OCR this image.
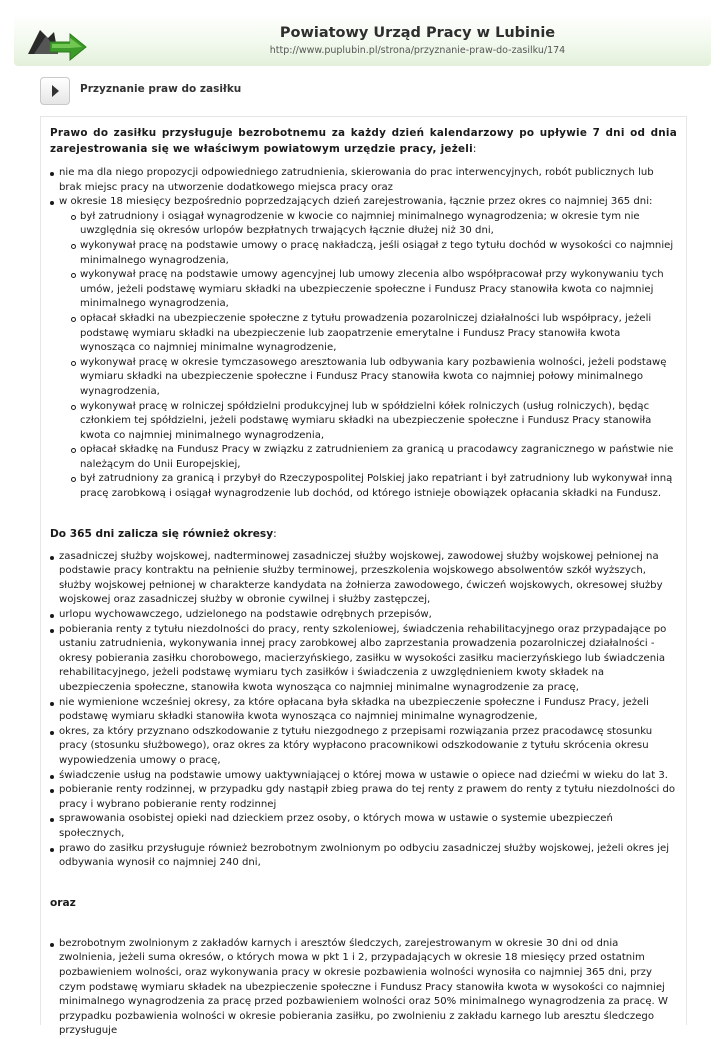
Powiatowy Urząd Pracy w Lubinie
http://www.puplubin.pl/strona/przyznanie-praw-do-zasilku/174
Przyznanie praw do zasiłku

Prawo do zasiłku przysługuje bezrobotnemu za każdy dzień kalendarzowy po upływie 7 dni od dnia zarejestrowania się we właściwym powiatowym urzędzie pracy, jeżeli:

nie ma dla niego propozycji odpowiedniego zatrudnienia, skierowania do prac interwencyjnych, robót publicznych lub brak miejsc pracy na utworzenie dodatkowego miejsca pracy oraz
w okresie 18 miesięcy bezpośrednio poprzedzających dzień zarejestrowania, łącznie przez okres co najmniej 365 dni:
był zatrudniony i osiągał wynagrodzenie w kwocie co najmniej minimalnego wynagrodzenia; w okresie tym nie uwzględnia się okresów urlopów bezpłatnych trwających łącznie dłużej niż 30 dni,
wykonywał pracę na podstawie umowy o pracę nakładczą, jeśli osiągał z tego tytułu dochód w wysokości co najmniej minimalnego wynagrodzenia,
wykonywał pracę na podstawie umowy agencyjnej lub umowy zlecenia albo współpracował przy wykonywaniu tych umów, jeżeli podstawę wymiaru składki na ubezpieczenie społeczne i Fundusz Pracy stanowiła kwota co najmniej minimalnego wynagrodzenia,
opłacał składki na ubezpieczenie społeczne z tytułu prowadzenia pozarolniczej działalności lub współpracy, jeżeli podstawę wymiaru składki na ubezpieczenie lub zaopatrzenie emerytalne i Fundusz Pracy stanowiła kwota wynosząca co najmniej minimalne wynagrodzenie,
wykonywał pracę w okresie tymczasowego aresztowania lub odbywania kary pozbawienia wolności, jeżeli podstawę wymiaru składki na ubezpieczenie społeczne i Fundusz Pracy stanowiła kwota co najmniej połowy minimalnego wynagrodzenia,
wykonywał pracę w rolniczej spółdzielni produkcyjnej lub w spółdzielni kółek rolniczych (usług rolniczych), będąc członkiem tej spółdzielni, jeżeli podstawę wymiaru składki na ubezpieczenie społeczne i Fundusz Pracy stanowiła kwota co najmniej minimalnego wynagrodzenia,
opłacał składkę na Fundusz Pracy w związku z zatrudnieniem za granicą u pracodawcy zagranicznego w państwie nie należącym do Unii Europejskiej,
był zatrudniony za granicą i przybył do Rzeczypospolitej Polskiej jako repatriant i był zatrudniony lub wykonywał inną pracę zarobkową i osiągał wynagrodzenie lub dochód, od którego istnieje obowiązek opłacania składki na Fundusz.
Do 365 dni zalicza się również okresy:
zasadniczej służby wojskowej, nadterminowej zasadniczej służby wojskowej, zawodowej służby wojskowej pełnionej na podstawie pracy kontraktu na pełnienie służby terminowej, przeszkolenia wojskowego absolwentów szkół wyższych, służby wojskowej pełnionej w charakterze kandydata na żołnierza zawodowego, ćwiczeń wojskowych, okresowej służby wojskowej oraz zasadniczej służby w obronie cywilnej i służby zastępczej,
urlopu wychowawczego, udzielonego na podstawie odrębnych przepisów,
pobierania renty z tytułu niezdolności do pracy, renty szkoleniowej, świadczenia rehabilitacyjnego oraz przypadające po ustaniu zatrudnienia, wykonywania innej pracy zarobkowej albo zaprzestania prowadzenia pozarolniczej działalności - okresy pobierania zasiłku chorobowego, macierzyńskiego, zasiłku w wysokości zasiłku macierzyńskiego lub świadczenia rehabilitacyjnego, jeżeli podstawę wymiaru tych zasiłków i świadczenia z uwzględnieniem kwoty składek na ubezpieczenia społeczne, stanowiła kwota wynosząca co najmniej minimalne wynagrodzenie za pracę,
nie wymienione wcześniej okresy, za które opłacana była składka na ubezpieczenie społeczne i Fundusz Pracy, jeżeli podstawę wymiaru składki stanowiła kwota wynosząca co najmniej minimalne wynagrodzenie,
okres, za który przyznano odszkodowanie z tytułu niezgodnego z przepisami rozwiązania przez pracodawcę stosunku pracy (stosunku służbowego), oraz okres za który wypłacono pracownikowi odszkodowanie z tytułu skrócenia okresu wypowiedzenia umowy o pracę,
świadczenie usług na podstawie umowy uaktywniającej o której mowa w ustawie o opiece nad dziećmi w wieku do lat 3.
pobieranie renty rodzinnej, w przypadku gdy nastąpił zbieg prawa do tej renty z prawem do renty z tytułu niezdolności do pracy i wybrano pobieranie renty rodzinnej
sprawowania osobistej opieki nad dzieckiem przez osoby, o których mowa w ustawie o systemie ubezpieczeń społecznych,
prawo do zasiłku przysługuje również bezrobotnym zwolnionym po odbyciu zasadniczej służby wojskowej, jeżeli okres jej odbywania wynosił co najmniej 240 dni,
oraz
bezrobotnym zwolnionym z zakładów karnych i aresztów śledczych, zarejestrowanym w okresie 30 dni od dnia zwolnienia, jeżeli suma okresów, o których mowa w pkt 1 i 2, przypadających w okresie 18 miesięcy przed ostatnim pozbawieniem wolności, oraz wykonywania pracy w okresie pozbawienia wolności wynosiła co najmniej 365 dni, przy czym podstawę wymiaru składek na ubezpieczenie społeczne i Fundusz Pracy stanowiła kwota w wysokości co najmniej minimalnego wynagrodzenia za pracę przed pozbawieniem wolności oraz 50% minimalnego wynagrodzenia za pracę. W przypadku pozbawienia wolności w okresie pobierania zasiłku, po zwolnieniu z zakładu karnego lub aresztu śledczego przysługuje
